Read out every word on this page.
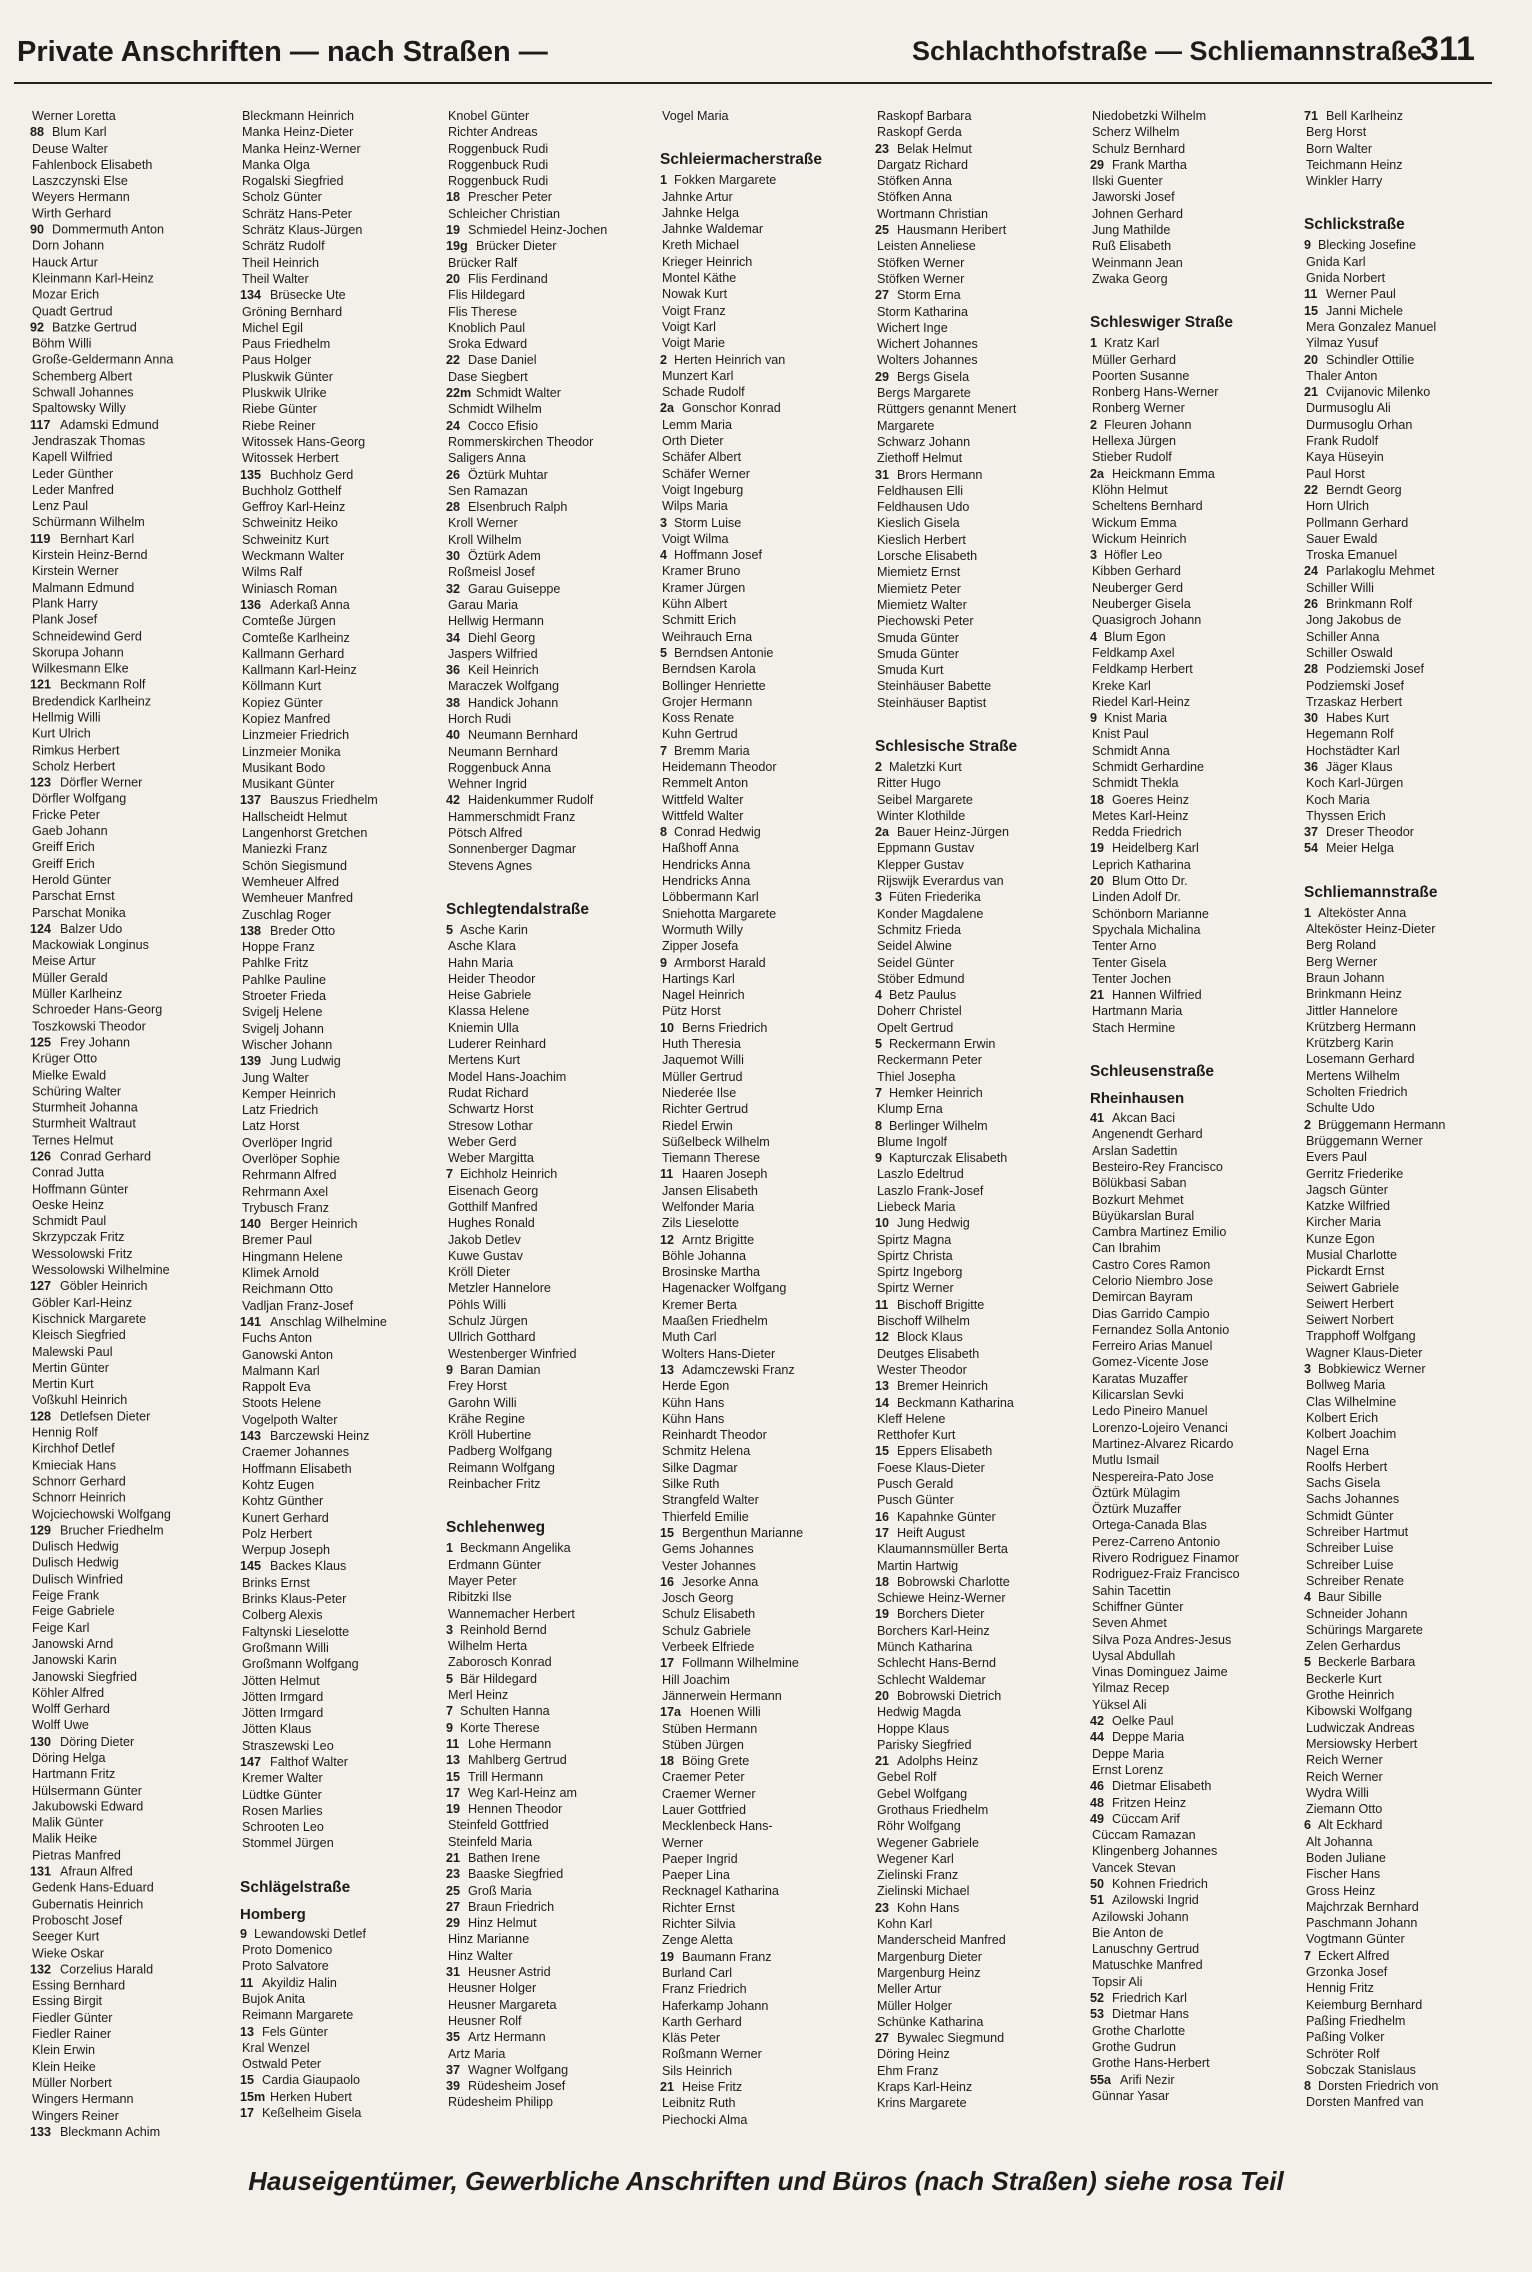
Private Anschriften — nach Straßen —	Schlachthofstraße — Schliemannstraße
311
Werner Loretta
88 Blum Karl
Deuse Walter
Fahlenbock Elisabeth
Laszczynski Else
Weyers Hermann
Wirth Gerhard
90 Dommermuth Anton
Dorn Johann
Hauck Artur
Kleinmann Karl-Heinz
Mozar Erich
Quadt Gertrud
92 Batzke Gertrud
Böhm Willi
Große-Geldermann Anna
Schemberg Albert
Schwall Johannes
Spaltowsky Willy
117 Adamski Edmund
Jendraszak Thomas
Kapell Wilfried
Leder Günther
Leder Manfred
Lenz Paul
Schürmann Wilhelm
119 Bernhart Karl
Kirstein Heinz-Bernd
Kirstein Werner
Malmann Edmund
Plank Harry
Plank Josef
Schneidewind Gerd
Skorupa Johann
Wilkesmann Elke
121 Beckmann Rolf
Bredendick Karlheinz
Hellmig Willi
Kurt Ulrich
Rimkus Herbert
Scholz Herbert
123 Dörfler Werner
Dörfler Wolfgang
Fricke Peter
Gaeb Johann
Greiff Erich
Greiff Erich
Herold Günter
Parschat Ernst
Parschat Monika
124 Balzer Udo
Mackowiak Longinus
Meise Artur
Müller Gerald
Müller Karlheinz
Schroeder Hans-Georg
Toszkowski Theodor
125 Frey Johann
Krüger Otto
Mielke Ewald
Schüring Walter
Sturmheit Johanna
Sturmheit Waltraut
Ternes Helmut
126 Conrad Gerhard
Conrad Jutta
Hoffmann Günter
Oeske Heinz
Schmidt Paul
Skrzypczak Fritz
Wessolowski Fritz
Wessolowski Wilhelmine
127 Göbler Heinrich
Göbler Karl-Heinz
Kischnick Margarete
Kleisch Siegfried
Malewski Paul
Mertin Günter
Mertin Kurt
Voßkuhl Heinrich
128 Detlefsen Dieter
Hennig Rolf
Kirchhof Detlef
Kmieciak Hans
Schnorr Gerhard
Schnorr Heinrich
Wojciechowski Wolfgang
129 Brucher Friedhelm
Dulisch Hedwig
Dulisch Hedwig
Dulisch Winfried
Feige Frank
Feige Gabriele
Feige Karl
Janowski Arnd
Janowski Karin
Janowski Siegfried
Köhler Alfred
Wolff Gerhard
Wolff Uwe
130 Döring Dieter
Döring Helga
Hartmann Fritz
Hülsermann Günter
Jakubowski Edward
Malik Günter
Malik Heike
Pietras Manfred
131 Afraun Alfred
Gedenk Hans-Eduard
Gubernatis Heinrich
Proboscht Josef
Seeger Kurt
Wieke Oskar
132 Corzelius Harald
Essing Bernhard
Essing Birgit
Fiedler Günter
Fiedler Rainer
Klein Erwin
Klein Heike
Müller Norbert
Wingers Hermann
Wingers Reiner
133 Bleckmann Achim
Bleckmann Heinrich
Manka Heinz-Dieter
Manka Heinz-Werner
Manka Olga
Rogalski Siegfried
Scholz Günter
Schrätz Hans-Peter
Schrätz Klaus-Jürgen
Schrätz Rudolf
Theil Heinrich
Theil Walter
134 Brüsecke Ute
Gröning Bernhard
Michel Egil
Paus Friedhelm
Paus Holger
Pluskwik Günter
Pluskwik Ulrike
Riebe Günter
Riebe Reiner
Witossek Hans-Georg
Witossek Herbert
135 Buchholz Gerd
Buchholz Gotthelf
Geffroy Karl-Heinz
Schweinitz Heiko
Schweinitz Kurt
Weckmann Walter
Wilms Ralf
Winiasch Roman
136 Aderkaß Anna
Comteße Jürgen
Comteße Karlheinz
Kallmann Gerhard
Kallmann Karl-Heinz
Köllmann Kurt
Kopiez Günter
Kopiez Manfred
Linzmeier Friedrich
Linzmeier Monika
Musikant Bodo
Musikant Günter
137 Bauszus Friedhelm
Hallscheidt Helmut
Langenhorst Gretchen
Maniezki Franz
Schön Siegismund
Wemheuer Alfred
Wemheuer Manfred
Zuschlag Roger
138 Breder Otto
Hoppe Franz
Pahlke Fritz
Pahlke Pauline
Stroeter Frieda
Svigelj Helene
Svigelj Johann
Wischer Johann
139 Jung Ludwig
Jung Walter
Kemper Heinrich
Latz Friedrich
Latz Horst
Overlöper Ingrid
Overlöper Sophie
Rehrmann Alfred
Rehrmann Axel
Trybusch Franz
140 Berger Heinrich
Bremer Paul
Hingmann Helene
Klimek Arnold
Reichmann Otto
Vadljan Franz-Josef
141 Anschlag Wilhelmine
Fuchs Anton
Ganowski Anton
Malmann Karl
Rappolt Eva
Stoots Helene
Vogelpoth Walter
143 Barczewski Heinz
Craemer Johannes
Hoffmann Elisabeth
Kohtz Eugen
Kohtz Günther
Kunert Gerhard
Polz Herbert
Werpup Joseph
145 Backes Klaus
Brinks Ernst
Brinks Klaus-Peter
Colberg Alexis
Faltynski Lieselotte
Großmann Willi
Großmann Wolfgang
Jötten Helmut
Jötten Irmgard
Jötten Irmgard
Jötten Klaus
Straszewski Leo
147 Falthof Walter
Kremer Walter
Lüdtke Günter
Rosen Marlies
Schrooten Leo
Stommel Jürgen
Schlägelstraße
Homberg
9 Lewandowski Detlef
Proto Domenico
Proto Salvatore
11 Akyildiz Halin
Bujok Anita
Reimann Margarete
13 Fels Günter
Kral Wenzel
Ostwald Peter
15 Cardia Giaupaolo
15m Herken Hubert
17 Keßelheim Gisela
Knobel Günter
Richter Andreas
Roggenbuck Rudi
Roggenbuck Rudi
Roggenbuck Rudi
18 Prescher Peter
Schleicher Christian
19 Schmiedel Heinz-Jochen
19g Brücker Dieter
Brücker Ralf
20 Flis Ferdinand
Flis Hildegard
Flis Therese
Knoblich Paul
Sroka Edward
22 Dase Daniel
Dase Siegbert
22m Schmidt Walter
Schmidt Wilhelm
24 Cocco Efisio
Rommerskirchen Theodor
Saligers Anna
26 Öztürk Muhtar
Sen Ramazan
28 Elsenbruch Ralph
Kroll Werner
Kroll Wilhelm
30 Öztürk Adem
Roßmeisl Josef
32 Garau Guiseppe
Garau Maria
Hellwig Hermann
34 Diehl Georg
Jaspers Wilfried
36 Keil Heinrich
Maraczek Wolfgang
38 Handick Johann
Horch Rudi
40 Neumann Bernhard
Neumann Bernhard
Roggenbuck Anna
Wehner Ingrid
42 Haidenkummer Rudolf
Hammerschmidt Franz
Pötsch Alfred
Sonnenberger Dagmar
Stevens Agnes
Schlegtendalstraße
5 Asche Karin
Asche Klara
Hahn Maria
Heider Theodor
Heise Gabriele
Klassa Helene
Kniemin Ulla
Luderer Reinhard
Mertens Kurt
Model Hans-Joachim
Rudat Richard
Schwartz Horst
Stresow Lothar
Weber Gerd
Weber Margitta
7 Eichholz Heinrich
Eisenach Georg
Gotthilf Manfred
Hughes Ronald
Jakob Detlev
Kuwe Gustav
Kröll Dieter
Metzler Hannelore
Pöhls Willi
Schulz Jürgen
Ullrich Gotthard
Westenberger Winfried
9 Baran Damian
Frey Horst
Garohn Willi
Krähe Regine
Kröll Hubertine
Padberg Wolfgang
Reimann Wolfgang
Reinbacher Fritz
Schlehenweg
1 Beckmann Angelika
Erdmann Günter
Mayer Peter
Ribitzki Ilse
Wannemacher Herbert
3 Reinhold Bernd
Wilhelm Herta
Zaborosch Konrad
5 Bär Hildegard
Merl Heinz
7 Schulten Hanna
9 Korte Therese
11 Lohe Hermann
13 Mahlberg Gertrud
15 Trill Hermann
17 Weg Karl-Heinz am
19 Hennen Theodor
Steinfeld Gottfried
Steinfeld Maria
21 Bathen Irene
23 Baaske Siegfried
25 Groß Maria
27 Braun Friedrich
29 Hinz Helmut
Hinz Marianne
Hinz Walter
31 Heusner Astrid
Heusner Holger
Heusner Margareta
Heusner Rolf
35 Artz Hermann
Artz Maria
37 Wagner Wolfgang
39 Rüdesheim Josef
Rüdesheim Philipp
Vogel Maria
Schleiermacherstraße
1 Fokken Margarete
Jahnke Artur
Jahnke Helga
Jahnke Waldemar
Kreth Michael
Krieger Heinrich
Montel Käthe
Nowak Kurt
Voigt Franz
Voigt Karl
Voigt Marie
2 Herten Heinrich van
Munzert Karl
Schade Rudolf
2a Gonschor Konrad
Lemm Maria
Orth Dieter
Schäfer Albert
Schäfer Werner
Voigt Ingeburg
Wilps Maria
3 Storm Luise
Voigt Wilma
4 Hoffmann Josef
Kramer Bruno
Kramer Jürgen
Kühn Albert
Schmitt Erich
Weihrauch Erna
5 Berndsen Antonie
Berndsen Karola
Bollinger Henriette
Grojer Hermann
Koss Renate
Kuhn Gertrud
7 Bremm Maria
Heidemann Theodor
Remmelt Anton
Wittfeld Walter
Wittfeld Walter
8 Conrad Hedwig
Haßhoff Anna
Hendricks Anna
Hendricks Anna
Löbbermann Karl
Sniehotta Margarete
Wormuth Willy
Zipper Josefa
9 Armborst Harald
Hartings Karl
Nagel Heinrich
Pütz Horst
10 Berns Friedrich
Huth Theresia
Jaquemot Willi
Müller Gertrud
Niederée Ilse
Richter Gertrud
Riedel Erwin
Süßelbeck Wilhelm
Tiemann Therese
11 Haaren Joseph
Jansen Elisabeth
Welfonder Maria
Zils Lieselotte
12 Arntz Brigitte
Böhle Johanna
Brosinske Martha
Hagenacker Wolfgang
Kremer Berta
Maaßen Friedhelm
Muth Carl
Wolters Hans-Dieter
13 Adamczewski Franz
Herde Egon
Kühn Hans
Kühn Hans
Reinhardt Theodor
Schmitz Helena
Silke Dagmar
Silke Ruth
Strangfeld Walter
Thierfeld Emilie
15 Bergenthun Marianne
Gems Johannes
Vester Johannes
16 Jesorke Anna
Josch Georg
Schulz Elisabeth
Schulz Gabriele
Verbeek Elfriede
17 Follmann Wilhelmine
Hill Joachim
Jännerwein Hermann
17a Hoenen Willi
Stüben Hermann
Stüben Jürgen
18 Böing Grete
Craemer Peter
Craemer Werner
Lauer Gottfried
Mecklenbeck Hans-
Werner
Paeper Ingrid
Paeper Lina
Recknagel Katharina
Richter Ernst
Richter Silvia
Zenge Aletta
19 Baumann Franz
Burland Carl
Franz Friedrich
Haferkamp Johann
Karth Gerhard
Kläs Peter
Roßmann Werner
Sils Heinrich
21 Heise Fritz
Leibnitz Ruth
Piechocki Alma
Raskopf Barbara
Raskopf Gerda
23 Belak Helmut
Dargatz Richard
Stöfken Anna
Stöfken Anna
Wortmann Christian
25 Hausmann Heribert
Leisten Anneliese
Stöfken Werner
Stöfken Werner
27 Storm Erna
Storm Katharina
Wichert Inge
Wichert Johannes
Wolters Johannes
29 Bergs Gisela
Bergs Margarete
Rüttgers genannt Menert
Margarete
Schwarz Johann
Ziethoff Helmut
31 Brors Hermann
Feldhausen Elli
Feldhausen Udo
Kieslich Gisela
Kieslich Herbert
Lorsche Elisabeth
Miemietz Ernst
Miemietz Peter
Miemietz Walter
Piechowski Peter
Smuda Günter
Smuda Günter
Smuda Kurt
Steinhäuser Babette
Steinhäuser Baptist
Schlesische Straße
2 Maletzki Kurt
Ritter Hugo
Seibel Margarete
Winter Klothilde
2a Bauer Heinz-Jürgen
Eppmann Gustav
Klepper Gustav
Rijswijk Everardus van
3 Füten Friederika
Konder Magdalene
Schmitz Frieda
Seidel Alwine
Seidel Günter
Stöber Edmund
4 Betz Paulus
Doherr Christel
Opelt Gertrud
5 Reckermann Erwin
Reckermann Peter
Thiel Josepha
7 Hemker Heinrich
Klump Erna
8 Berlinger Wilhelm
Blume Ingolf
9 Kapturczak Elisabeth
Laszlo Edeltrud
Laszlo Frank-Josef
Liebeck Maria
10 Jung Hedwig
Spirtz Magna
Spirtz Christa
Spirtz Ingeborg
Spirtz Werner
11 Bischoff Brigitte
Bischoff Wilhelm
12 Block Klaus
Deutges Elisabeth
Wester Theodor
13 Bremer Heinrich
14 Beckmann Katharina
Kleff Helene
Retthofer Kurt
15 Eppers Elisabeth
Foese Klaus-Dieter
Pusch Gerald
Pusch Günter
16 Kapahnke Günter
17 Heift August
Klaumannsmüller Berta
Martin Hartwig
18 Bobrowski Charlotte
Schiewe Heinz-Werner
19 Borchers Dieter
Borchers Karl-Heinz
Münch Katharina
Schlecht Hans-Bernd
Schlecht Waldemar
20 Bobrowski Dietrich
Hedwig Magda
Hoppe Klaus
Parisky Siegfried
21 Adolphs Heinz
Gebel Rolf
Gebel Wolfgang
Grothaus Friedhelm
Röhr Wolfgang
Wegener Gabriele
Wegener Karl
Zielinski Franz
Zielinski Michael
23 Kohn Hans
Kohn Karl
Manderscheid Manfred
Margenburg Dieter
Margenburg Heinz
Meller Artur
Müller Holger
Schünke Katharina
27 Bywalec Siegmund
Döring Heinz
Ehm Franz
Kraps Karl-Heinz
Krins Margarete
Niedobetzki Wilhelm
Scherz Wilhelm
Schulz Bernhard
29 Frank Martha
Ilski Guenter
Jaworski Josef
Johnen Gerhard
Jung Mathilde
Ruß Elisabeth
Weinmann Jean
Zwaka Georg
Schleswiger Straße
1 Kratz Karl
Müller Gerhard
Poorten Susanne
Ronberg Hans-Werner
Ronberg Werner
2 Fleuren Johann
Hellexa Jürgen
Stieber Rudolf
2a Heickmann Emma
Klöhn Helmut
Scheltens Bernhard
Wickum Emma
Wickum Heinrich
3 Höfler Leo
Kibben Gerhard
Neuberger Gerd
Neuberger Gisela
Quasigroch Johann
4 Blum Egon
Feldkamp Axel
Feldkamp Herbert
Kreke Karl
Riedel Karl-Heinz
9 Knist Maria
Knist Paul
Schmidt Anna
Schmidt Gerhardine
Schmidt Thekla
18 Goeres Heinz
Metes Karl-Heinz
Redda Friedrich
19 Heidelberg Karl
Leprich Katharina
20 Blum Otto Dr.
Linden Adolf Dr.
Schönborn Marianne
Spychala Michalina
Tenter Arno
Tenter Gisela
Tenter Jochen
21 Hannen Wilfried
Hartmann Maria
Stach Hermine
Schleusenstraße
Rheinhausen
41 Akcan Baci
Angenendt Gerhard
Arslan Sadettin
Besteiro-Rey Francisco
Bölükbasi Saban
Bozkurt Mehmet
Büyükarslan Bural
Cambra Martinez Emilio
Can Ibrahim
Castro Cores Ramon
Celorio Niembro Jose
Demircan Bayram
Dias Garrido Campio
Fernandez Solla Antonio
Ferreiro Arias Manuel
Gomez-Vicente Jose
Karatas Muzaffer
Kilicarslan Sevki
Ledo Pineiro Manuel
Lorenzo-Lojeiro Venanci
Martinez-Alvarez Ricardo
Mutlu Ismail
Nespereira-Pato Jose
Öztürk Mülagim
Öztürk Muzaffer
Ortega-Canada Blas
Perez-Carreno Antonio
Rivero Rodriguez Finamor
Rodriguez-Fraiz Francisco
Sahin Tacettin
Schiffner Günter
Seven Ahmet
Silva Poza Andres-Jesus
Uysal Abdullah
Vinas Dominguez Jaime
Yilmaz Recep
Yüksel Ali
42 Oelke Paul
44 Deppe Maria
Deppe Maria
Ernst Lorenz
46 Dietmar Elisabeth
48 Fritzen Heinz
49 Cüccam Arif
Cüccam Ramazan
Klingenberg Johannes
Vancek Stevan
50 Kohnen Friedrich
51 Azilowski Ingrid
Azilowski Johann
Bie Anton de
Lanuschny Gertrud
Matuschke Manfred
Topsir Ali
52 Friedrich Karl
53 Dietmar Hans
Grothe Charlotte
Grothe Gudrun
Grothe Hans-Herbert
55a Arifi Nezir
Günnar Yasar
71 Bell Karlheinz
Berg Horst
Born Walter
Teichmann Heinz
Winkler Harry
Schlickstraße
9 Blecking Josefine
Gnida Karl
Gnida Norbert
11 Werner Paul
15 Janni Michele
Mera Gonzalez Manuel
Yilmaz Yusuf
20 Schindler Ottilie
Thaler Anton
21 Cvijanovic Milenko
Durmusoglu Ali
Durmusoglu Orhan
Frank Rudolf
Kaya Hüseyin
Paul Horst
22 Berndt Georg
Horn Ulrich
Pollmann Gerhard
Sauer Ewald
Troska Emanuel
24 Parlakoglu Mehmet
Schiller Willi
26 Brinkmann Rolf
Jong Jakobus de
Schiller Anna
Schiller Oswald
28 Podziemski Josef
Podziemski Josef
Trzaskaz Herbert
30 Habes Kurt
Hegemann Rolf
Hochstädter Karl
36 Jäger Klaus
Koch Karl-Jürgen
Koch Maria
Thyssen Erich
37 Dreser Theodor
54 Meier Helga
Schliemannstraße
1 Alteköster Anna
Alteköster Heinz-Dieter
Berg Roland
Berg Werner
Braun Johann
Brinkmann Heinz
Jittler Hannelore
Krützberg Hermann
Krützberg Karin
Losemann Gerhard
Mertens Wilhelm
Scholten Friedrich
Schulte Udo
2 Brüggemann Hermann
Brüggemann Werner
Evers Paul
Gerritz Friederike
Jagsch Günter
Katzke Wilfried
Kircher Maria
Kunze Egon
Musial Charlotte
Pickardt Ernst
Seiwert Gabriele
Seiwert Herbert
Seiwert Norbert
Trapphoff Wolfgang
Wagner Klaus-Dieter
3 Bobkiewicz Werner
Bollweg Maria
Clas Wilhelmine
Kolbert Erich
Kolbert Joachim
Nagel Erna
Roolfs Herbert
Sachs Gisela
Sachs Johannes
Schmidt Günter
Schreiber Hartmut
Schreiber Luise
Schreiber Luise
Schreiber Renate
4 Baur Sibille
Schneider Johann
Schürings Margarete
Zelen Gerhardus
5 Beckerle Barbara
Beckerle Kurt
Grothe Heinrich
Kibowski Wolfgang
Ludwiczak Andreas
Mersiowsky Herbert
Reich Werner
Reich Werner
Wydra Willi
Ziemann Otto
6 Alt Eckhard
Alt Johanna
Boden Juliane
Fischer Hans
Gross Heinz
Majchrzak Bernhard
Paschmann Johann
Vogtmann Günter
7 Eckert Alfred
Grzonka Josef
Hennig Fritz
Keiemburg Bernhard
Paßing Friedhelm
Paßing Volker
Schröter Rolf
Sobczak Stanislaus
8 Dorsten Friedrich von
Dorsten Manfred van
Hauseigentümer, Gewerbliche Anschriften und Büros (nach Straßen) siehe rosa Teil
